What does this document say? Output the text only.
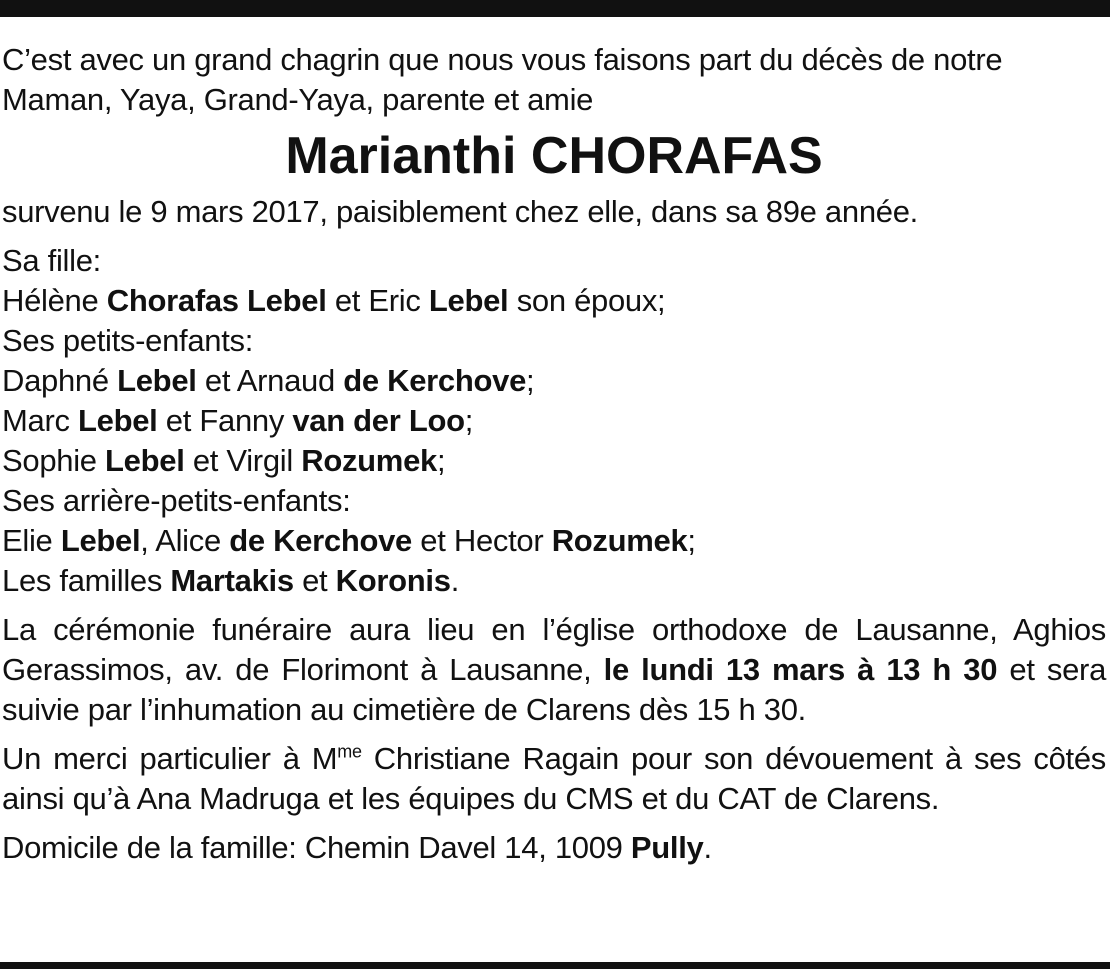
C’est avec un grand chagrin que nous vous faisons part du décès de notre

Maman, Yaya, Grand-Yaya, parente et amie

Marianthi CHORAFAS

survenu le 9 mars 2017, paisiblement chez elle, dans sa 89e année.

Sa fille:

Hélène Chorafas Lebel et Eric Lebel son époux;

Ses petits-enfants:

Daphné Lebel et Arnaud de Kerchove;

Marc Lebel et Fanny van der Loo;

Sophie Lebel et Virgil Rozumek;

Ses arrière-petits-enfants:

Elie Lebel, Alice de Kerchove et Hector Rozumek;

Les familles Martakis et Koronis.

La cérémonie funéraire aura lieu en l’église orthodoxe de Lausanne, Aghios Gerassimos, av. de Florimont à Lausanne, le lundi 13 mars à 13 h 30 et sera suivie par l’inhumation au cimetière de Clarens dès 15 h 30.

Un merci particulier à $M^{me}$ Christiane Ragain pour son dévouement à ses côtés ainsi qu’à Ana Madruga et les équipes du CMS et du CAT de Clarens.

Domicile de la famille: Chemin Davel 14, 1009 Pully.
